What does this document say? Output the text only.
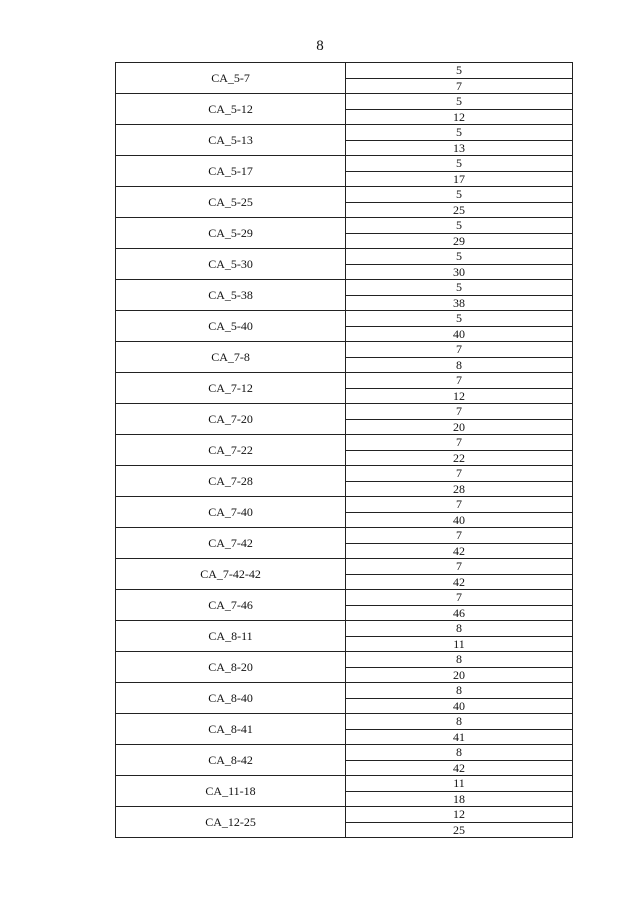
8
CA_5-7	5
7

CA_5-12	5
12

CA_5-13	5
13

CA_5-17	5
17

CA_5-25	5
25

CA_5-29	5
29

CA_5-30	5
30

CA_5-38	5
38

CA_5-40	5
40

CA_7-8	7
8

CA_7-12	7
12

CA_7-20	7
20

CA_7-22	7
22

CA_7-28	7
28

CA_7-40	7
40

CA_7-42	7
42

CA_7-42-42	7
42

CA_7-46	7
46

CA_8-11	8
11

CA_8-20	8
20

CA_8-40	8
40

CA_8-41	8
41

CA_8-42	8
42

CA_11-18	11
18

CA_12-25	12
25
